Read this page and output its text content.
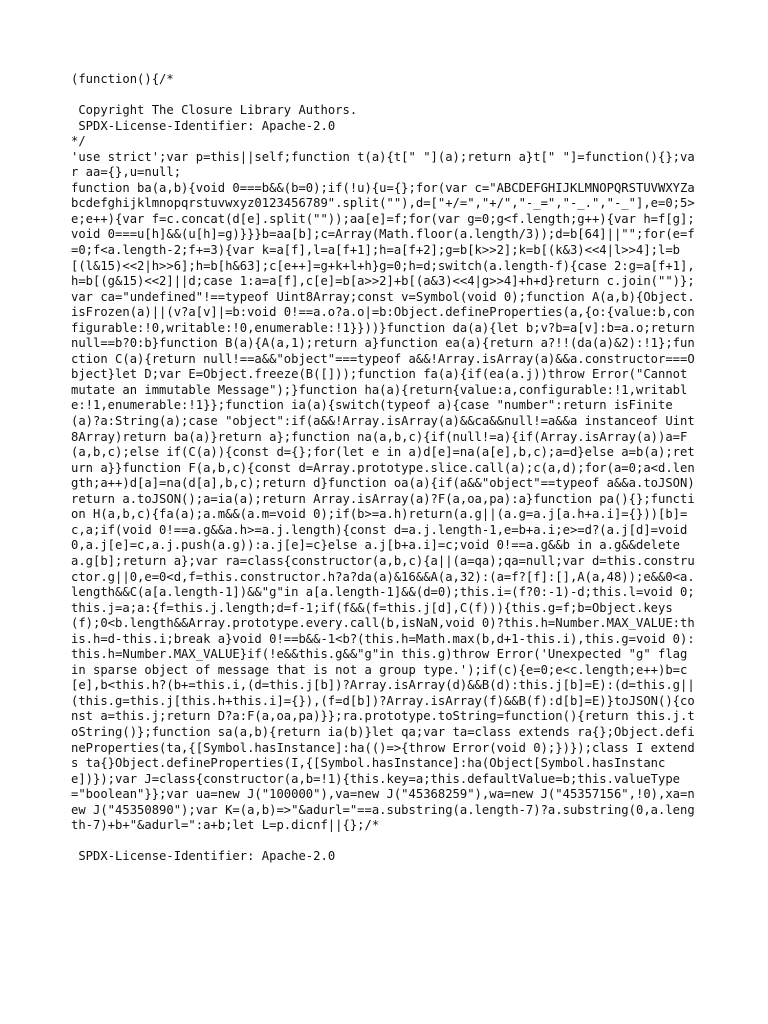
(function(){/*

Copyright The Closure Library Authors.
SPDX-License-Identifier: Apache-2.0
*/
'use strict';var p=this||self;function t(a){t[" "](a);return a}t[" "]=function(){};var aa={},u=null;
function ba(a,b){void 0===b&&(b=0);if(!u){u={};for(var c="ABCDEFGHIJKLMNOPQRSTUVWXYZabcdefghijklmnopqrstuvwxyz0123456789".split(""),d=["+/=","+/","-_=","-_.","-_"],e=0;5>e;e++){var f=c.concat(d[e].split(""));aa[e]=f;for(var g=0;g<f.length;g++){var h=f[g];void 0===u[h]&&(u[h]=g)}}}b=aa[b];c=Array(Math.floor(a.length/3));d=b[64]||"";for(e=f=0;f<a.length-2;f+=3){var k=a[f],l=a[f+1];h=a[f+2];g=b[k>>2];k=b[(k&3)<<4|l>>4];l=b[(l&15)<<2|h>>6];h=b[h&63];c[e++]=g+k+l+h}g=0;h=d;switch(a.length-f){case 2:g=a[f+1],h=b[(g&15)<<2]||d;case 1:a=a[f],c[e]=b[a>>2]+b[(a&3)<<4|g>>4]+h+d}return c.join("")};var ca="undefined"!==typeof Uint8Array;const v=Symbol(void 0);function A(a,b){Object.isFrozen(a)||(v?a[v]|=b:void 0!==a.o?a.o|=b:Object.defineProperties(a,{o:{value:b,configurable:!0,writable:!0,enumerable:!1}}))}function da(a){let b;v?b=a[v]:b=a.o;return null==b?0:b}function B(a){A(a,1);return a}function ea(a){return a?!!(da(a)&2):!1};function C(a){return null!==a&&"object"===typeof a&&!Array.isArray(a)&&a.constructor===Object}let D;var E=Object.freeze(B([]));function fa(a){if(ea(a.j))throw Error("Cannot mutate an immutable Message");}function ha(a){return{value:a,configurable:!1,writable:!1,enumerable:!1}};function ia(a){switch(typeof a){case "number":return isFinite(a)?a:String(a);case "object":if(a&&!Array.isArray(a)&&ca&&null!=a&&a instanceof Uint8Array)return ba(a)}return a};function na(a,b,c){if(null!=a){if(Array.isArray(a))a=F(a,b,c);else if(C(a)){const d={};for(let e in a)d[e]=na(a[e],b,c);a=d}else a=b(a);return a}}function F(a,b,c){const d=Array.prototype.slice.call(a);c(a,d);for(a=0;a<d.length;a++)d[a]=na(d[a],b,c);return d}function oa(a){if(a&&"object"==typeof a&&a.toJSON)return a.toJSON();a=ia(a);return Array.isArray(a)?F(a,oa,pa):a}function pa(){};function H(a,b,c){fa(a);a.m&&(a.m=void 0);if(b>=a.h)return(a.g||(a.g=a.j[a.h+a.i]={}))[b]=c,a;if(void 0!==a.g&&a.h>=a.j.length){const d=a.j.length-1,e=b+a.i;e>=d?(a.j[d]=void 0,a.j[e]=c,a.j.push(a.g)):a.j[e]=c}else a.j[b+a.i]=c;void 0!==a.g&&b in a.g&&delete a.g[b];return a};var ra=class{constructor(a,b,c){a||(a=qa);qa=null;var d=this.constructor.g||0,e=0<d,f=this.constructor.h?a?da(a)&16&&A(a,32):(a=f?[f]:[],A(a,48));e&&0<a.length&&C(a[a.length-1])&&"g"in a[a.length-1]&&(d=0);this.i=(f?0:-1)-d;this.l=void 0;this.j=a;a:{f=this.j.length;d=f-1;if(f&&(f=this.j[d],C(f))){this.g=f;b=Object.keys(f);0<b.length&&Array.prototype.every.call(b,isNaN,void 0)?this.h=Number.MAX_VALUE:this.h=d-this.i;break a}void 0!==b&&-1<b?(this.h=Math.max(b,d+1-this.i),this.g=void 0):this.h=Number.MAX_VALUE}if(!e&&this.g&&"g"in this.g)throw Error('Unexpected "g" flag in sparse object of message that is not a group type.');if(c){e=0;e<c.length;e++)b=c[e],b<this.h?(b+=this.i,(d=this.j[b])?Array.isArray(d)&&B(d):this.j[b]=E):(d=this.g||(this.g=this.j[this.h+this.i]={}),(f=d[b])?Array.isArray(f)&&B(f):d[b]=E)}toJSON(){const a=this.j;return D?a:F(a,oa,pa)}};ra.prototype.toString=function(){return this.j.toString()};function sa(a,b){return ia(b)}let qa;var ta=class extends ra{};Object.defineProperties(ta,{[Symbol.hasInstance]:ha(()=>{throw Error(void 0);})});class I extends ta{}Object.defineProperties(I,{[Symbol.hasInstance]:ha(Object[Symbol.hasInstance])});var J=class{constructor(a,b=!1){this.key=a;this.defaultValue=b;this.valueType="boolean"}};var ua=new J("100000"),va=new J("45368259"),wa=new J("45357156",!0),xa=new J("45350890");var K=(a,b)=>"&adurl="==a.substring(a.length-7)?a.substring(0,a.length-7)+b+"&adurl=":a+b;let L=p.dicnf||{};/*

SPDX-License-Identifier: Apache-2.0
